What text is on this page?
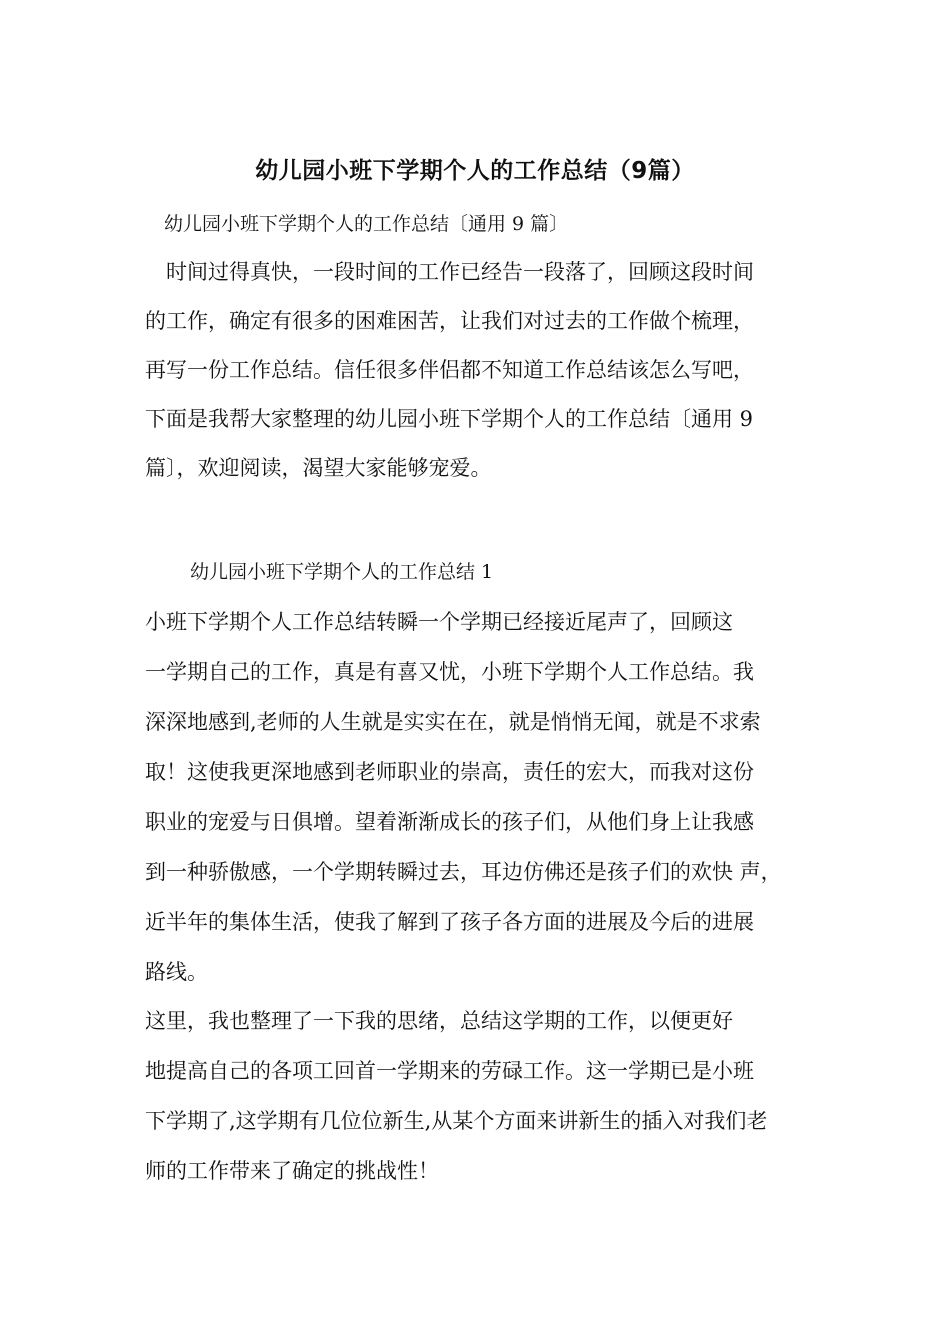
幼儿园小班下学期个人的工作总结（9篇）
幼儿园小班下学期个人的工作总结〔通用 9 篇〕
　时间过得真快，一段时间的工作已经告一段落了，回顾这段时间
的工作，确定有很多的困难困苦，让我们对过去的工作做个梳理，
再写一份工作总结。信任很多伴侣都不知道工作总结该怎么写吧，
下面是我帮大家整理的幼儿园小班下学期个人的工作总结〔通用 9
篇〕，欢迎阅读，渴望大家能够宠爱。
幼儿园小班下学期个人的工作总结 1
小班下学期个人工作总结转瞬一个学期已经接近尾声了，回顾这
一学期自己的工作，真是有喜又忧，小班下学期个人工作总结。我
深深地感到,老师的人生就是实实在在，就是悄悄无闻，就是不求索
取！这使我更深地感到老师职业的崇高，责任的宏大，而我对这份
职业的宠爱与日俱增。望着渐渐成长的孩子们，从他们身上让我感
到一种骄傲感，一个学期转瞬过去，耳边仿佛还是孩子们的欢快 声，
近半年的集体生活，使我了解到了孩子各方面的进展及今后的进展
路线。
这里，我也整理了一下我的思绪，总结这学期的工作，以便更好
地提高自己的各项工回首一学期来的劳碌工作。这一学期已是小班
下学期了,这学期有几位位新生,从某个方面来讲新生的插入对我们老
师的工作带来了确定的挑战性！
